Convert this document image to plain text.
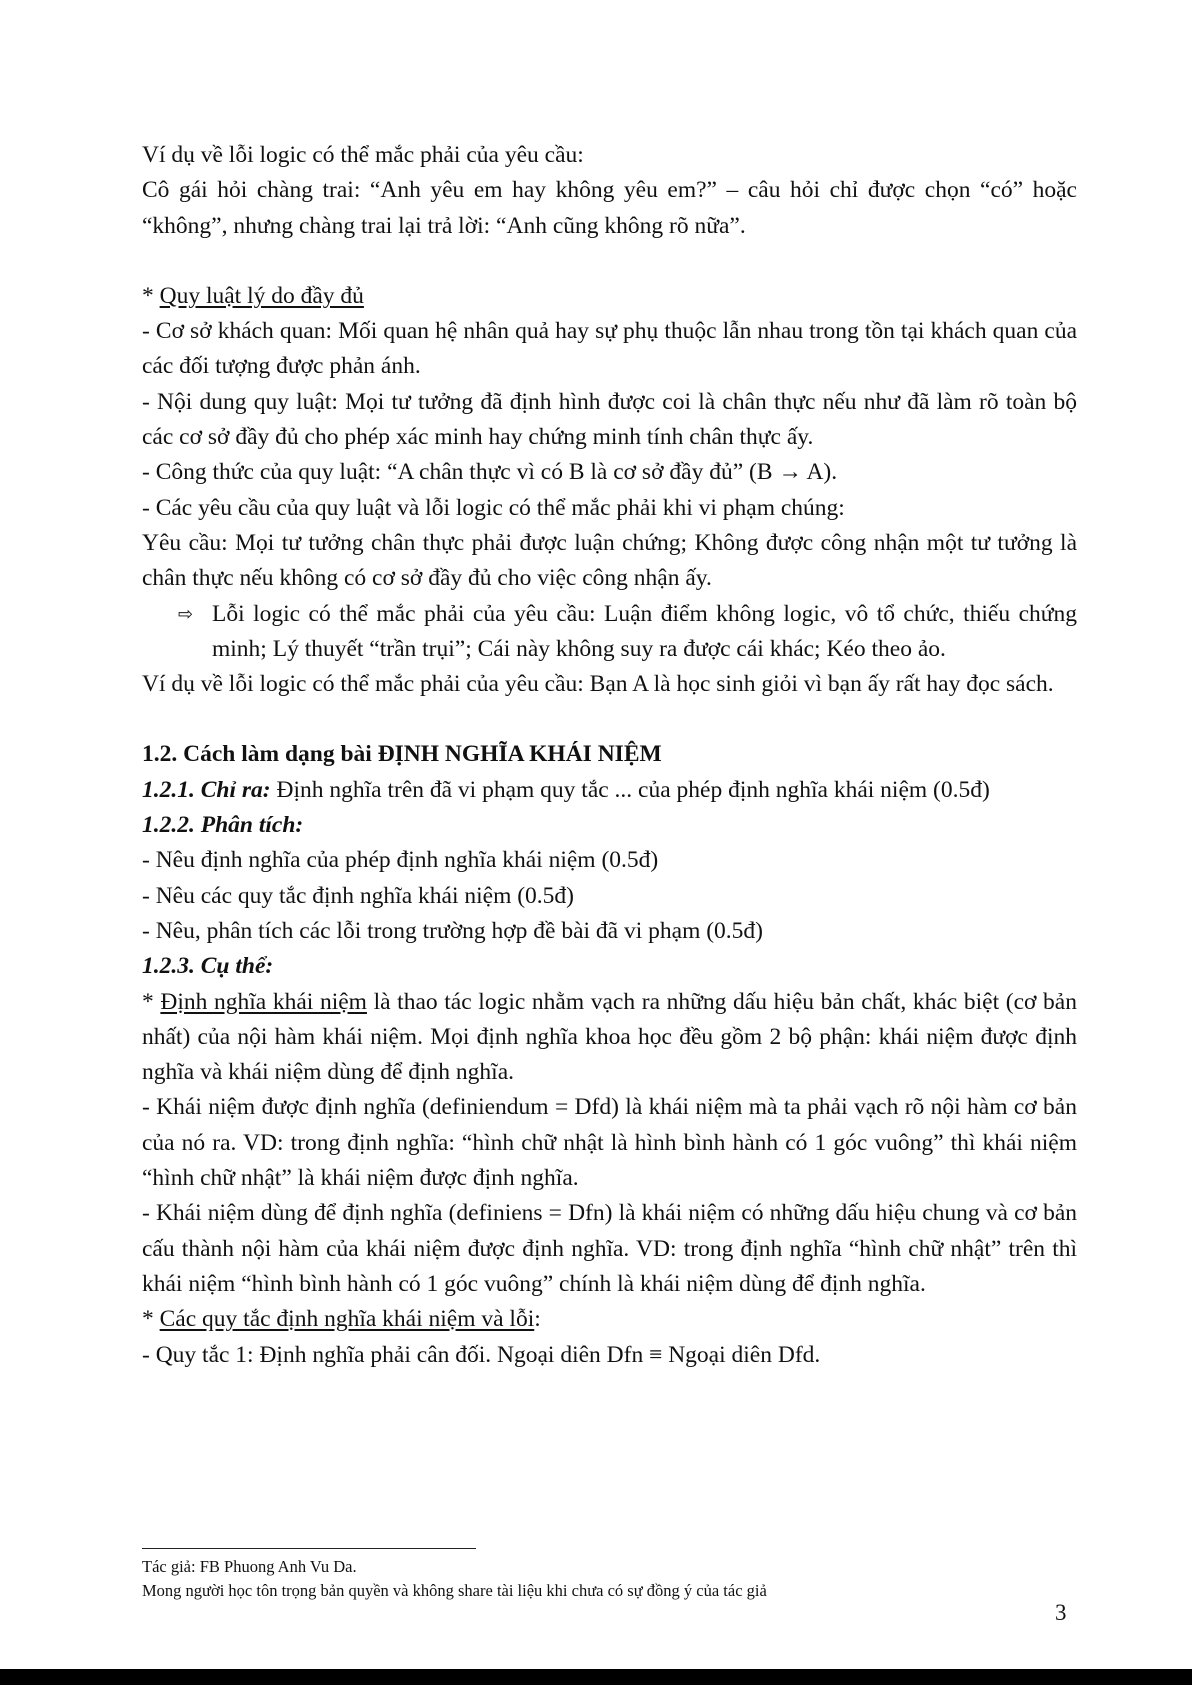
Ví dụ về lỗi logic có thể mắc phải của yêu cầu:

Cô gái hỏi chàng trai: “Anh yêu em hay không yêu em?” – câu hỏi chỉ được chọn “có” hoặc “không”, nhưng chàng trai lại trả lời: “Anh cũng không rõ nữa”.

* Quy luật lý do đầy đủ

- Cơ sở khách quan: Mối quan hệ nhân quả hay sự phụ thuộc lẫn nhau trong tồn tại khách quan của các đối tượng được phản ánh.

- Nội dung quy luật: Mọi tư tưởng đã định hình được coi là chân thực nếu như đã làm rõ toàn bộ các cơ sở đầy đủ cho phép xác minh hay chứng minh tính chân thực ấy.

- Công thức của quy luật: “A chân thực vì có B là cơ sở đầy đủ” (B → A).

- Các yêu cầu của quy luật và lỗi logic có thể mắc phải khi vi phạm chúng:

Yêu cầu: Mọi tư tưởng chân thực phải được luận chứng; Không được công nhận một tư tưởng là chân thực nếu không có cơ sở đầy đủ cho việc công nhận ấy.

⇨ Lỗi logic có thể mắc phải của yêu cầu: Luận điểm không logic, vô tổ chức, thiếu chứng minh; Lý thuyết “trần trụi”; Cái này không suy ra được cái khác; Kéo theo ảo.

Ví dụ về lỗi logic có thể mắc phải của yêu cầu: Bạn A là học sinh giỏi vì bạn ấy rất hay đọc sách.

1.2. Cách làm dạng bài ĐỊNH NGHĨA KHÁI NIỆM

1.2.1. Chỉ ra: Định nghĩa trên đã vi phạm quy tắc ... của phép định nghĩa khái niệm (0.5đ)

1.2.2. Phân tích:

- Nêu định nghĩa của phép định nghĩa khái niệm (0.5đ)

- Nêu các quy tắc định nghĩa khái niệm (0.5đ)

- Nêu, phân tích các lỗi trong trường hợp đề bài đã vi phạm (0.5đ)

1.2.3. Cụ thể:

* Định nghĩa khái niệm là thao tác logic nhằm vạch ra những dấu hiệu bản chất, khác biệt (cơ bản nhất) của nội hàm khái niệm. Mọi định nghĩa khoa học đều gồm 2 bộ phận: khái niệm được định nghĩa và khái niệm dùng để định nghĩa.

- Khái niệm được định nghĩa (definiendum = Dfd) là khái niệm mà ta phải vạch rõ nội hàm cơ bản của nó ra. VD: trong định nghĩa: “hình chữ nhật là hình bình hành có 1 góc vuông” thì khái niệm “hình chữ nhật” là khái niệm được định nghĩa.

- Khái niệm dùng để định nghĩa (definiens = Dfn) là khái niệm có những dấu hiệu chung và cơ bản cấu thành nội hàm của khái niệm được định nghĩa. VD: trong định nghĩa “hình chữ nhật” trên thì khái niệm “hình bình hành có 1 góc vuông” chính là khái niệm dùng để định nghĩa.

* Các quy tắc định nghĩa khái niệm và lỗi:

- Quy tắc 1: Định nghĩa phải cân đối. Ngoại diên Dfn ≡ Ngoại diên Dfd.

Tác giả: FB Phuong Anh Vu Da.
Mong người học tôn trọng bản quyền và không share tài liệu khi chưa có sự đồng ý của tác giả
3
